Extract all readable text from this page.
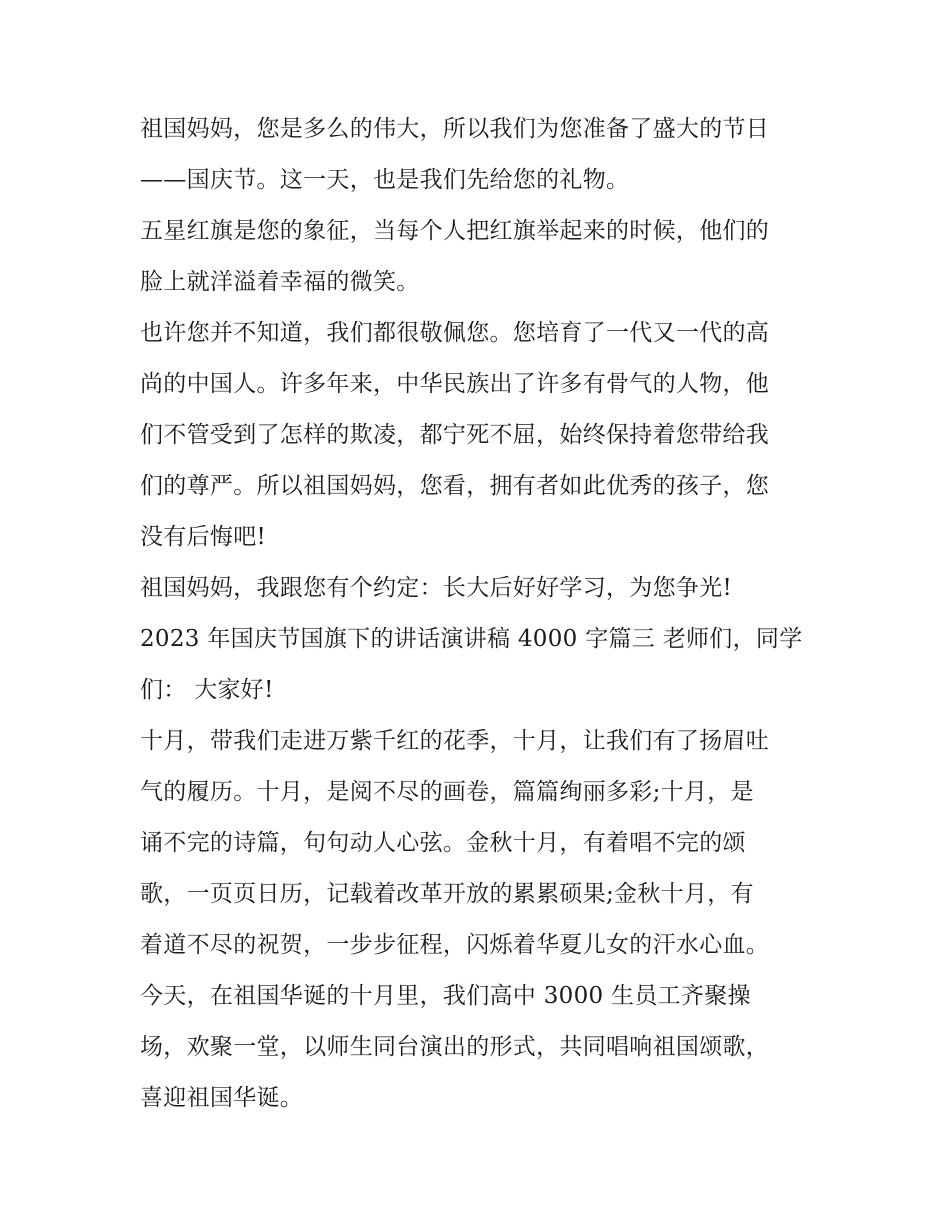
祖国妈妈，您是多么的伟大，所以我们为您准备了盛大的节日
——国庆节。这一天，也是我们先给您的礼物。
五星红旗是您的象征，当每个人把红旗举起来的时候，他们的
脸上就洋溢着幸福的微笑。
也许您并不知道，我们都很敬佩您。您培育了一代又一代的高
尚的中国人。许多年来，中华民族出了许多有骨气的人物，他
们不管受到了怎样的欺凌，都宁死不屈，始终保持着您带给我
们的尊严。所以祖国妈妈，您看，拥有者如此优秀的孩子，您
没有后悔吧!
祖国妈妈，我跟您有个约定：长大后好好学习，为您争光!
2023 年国庆节国旗下的讲话演讲稿 4000 字篇三 老师们，同学
们： 大家好!
十月，带我们走进万紫千红的花季，十月，让我们有了扬眉吐
气的履历。十月，是阅不尽的画卷，篇篇绚丽多彩;十月，是
诵不完的诗篇，句句动人心弦。金秋十月，有着唱不完的颂
歌，一页页日历，记载着改革开放的累累硕果;金秋十月，有
着道不尽的祝贺，一步步征程，闪烁着华夏儿女的汗水心血。
今天，在祖国华诞的十月里，我们高中 3000 生员工齐聚操
场，欢聚一堂，以师生同台演出的形式，共同唱响祖国颂歌，
喜迎祖国华诞。
